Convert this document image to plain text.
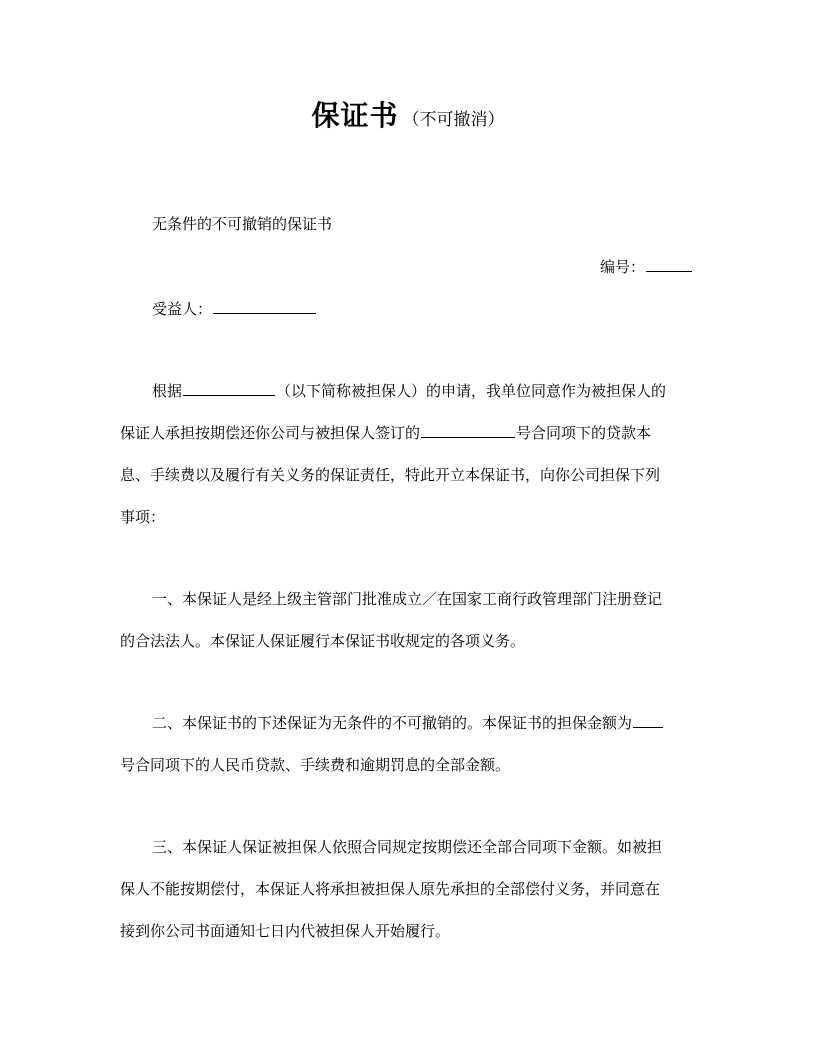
保证书 （不可撤消）
无条件的不可撤销的保证书
编号：
受益人：
根据	（以下简称被担保人）的申请，我单位同意作为被担保人的
保证人承担按期偿还你公司与被担保人签订的	号合同项下的贷款本
息、手续费以及履行有关义务的保证责任，特此开立本保证书，向你公司担保下列
事项：
一、本保证人是经上级主管部门批准成立／在国家工商行政管理部门注册登记
的合法法人。本保证人保证履行本保证书收规定的各项义务。
二、本保证书的下述保证为无条件的不可撤销的。本保证书的担保金额为
号合同项下的人民币贷款、手续费和逾期罚息的全部金额。
三、本保证人保证被担保人依照合同规定按期偿还全部合同项下金额。如被担
保人不能按期偿付，本保证人将承担被担保人原先承担的全部偿付义务，并同意在
接到你公司书面通知七日内代被担保人开始履行。
